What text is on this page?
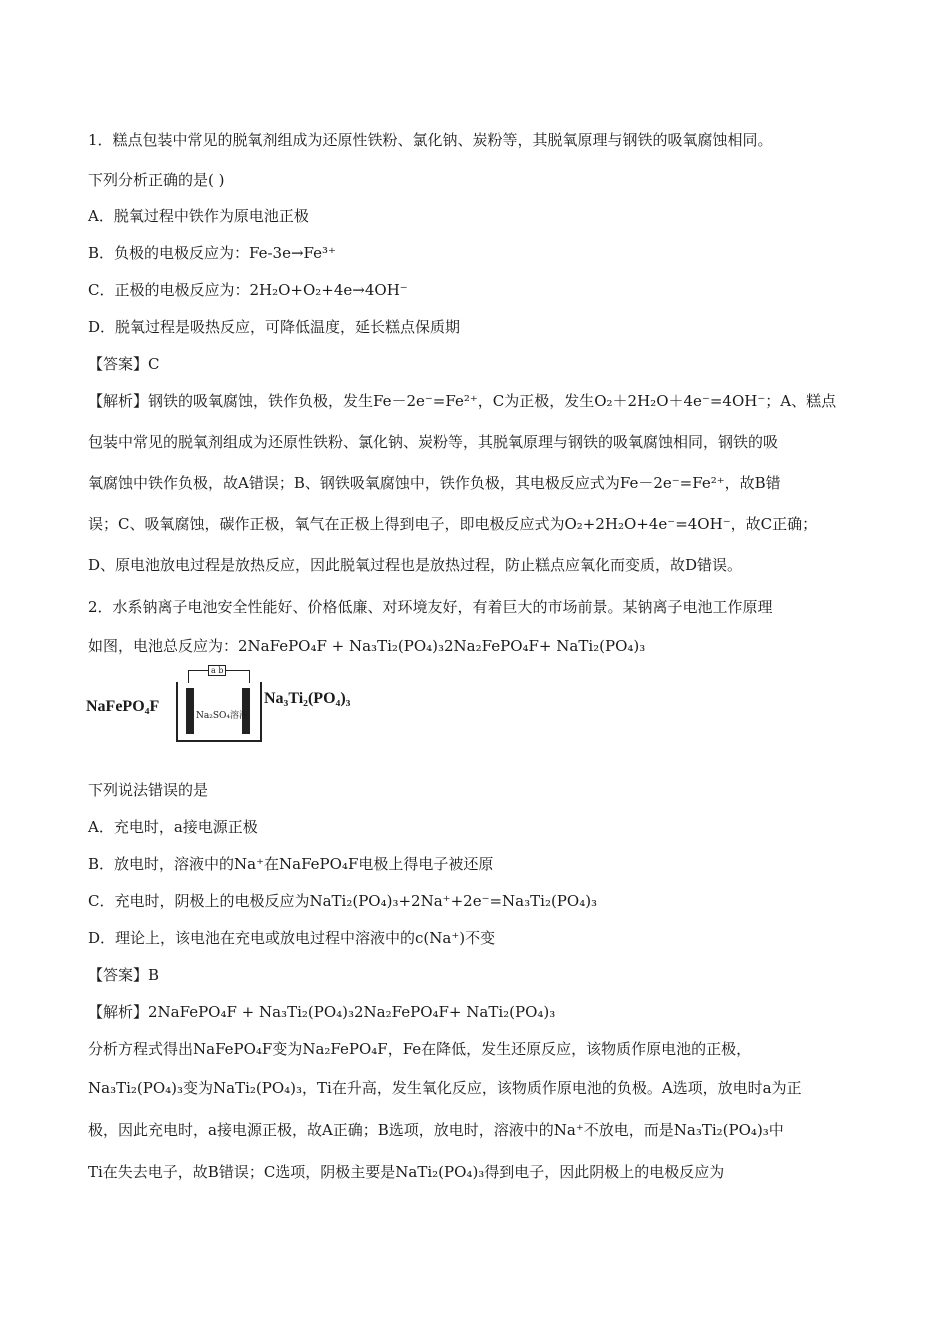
1．糕点包装中常见的脱氧剂组成为还原性铁粉、氯化钠、炭粉等，其脱氧原理与钢铁的吸氧腐蚀相同。
下列分析正确的是( )
A．脱氧过程中铁作为原电池正极
B．负极的电极反应为：Fe-3e→Fe³⁺
C．正极的电极反应为：2H₂O+O₂+4e→4OH⁻
D．脱氧过程是吸热反应，可降低温度，延长糕点保质期
【答案】C
【解析】钢铁的吸氧腐蚀，铁作负极，发生Fe－2e⁻=Fe²⁺，C为正极，发生O₂＋2H₂O＋4e⁻=4OH⁻；A、糕点
包装中常见的脱氧剂组成为还原性铁粉、氯化钠、炭粉等，其脱氧原理与钢铁的吸氧腐蚀相同，钢铁的吸
氧腐蚀中铁作负极，故A错误；B、钢铁吸氧腐蚀中，铁作负极，其电极反应式为Fe－2e⁻=Fe²⁺，故B错
误；C、吸氧腐蚀，碳作正极，氧气在正极上得到电子，即电极反应式为O₂+2H₂O+4e⁻=4OH⁻，故C正确；
D、原电池放电过程是放热反应，因此脱氧过程也是放热过程，防止糕点应氧化而变质，故D错误。
2．水系钠离子电池安全性能好、价格低廉、对环境友好，有着巨大的市场前景。某钠离子电池工作原理
如图，电池总反应为：2NaFePO₄F + Na₃Ti₂(PO₄)₃2Na₂FePO₄F+ NaTi₂(PO₄)₃
NaFePO₄F
a b
Na₂SO₄溶液
Na₃Ti₂(PO₄)₃
下列说法错误的是
A．充电时，a接电源正极
B．放电时，溶液中的Na⁺在NaFePO₄F电极上得电子被还原
C．充电时，阴极上的电极反应为NaTi₂(PO₄)₃+2Na⁺+2e⁻=Na₃Ti₂(PO₄)₃
D．理论上，该电池在充电或放电过程中溶液中的c(Na⁺)不变
【答案】B
【解析】2NaFePO₄F + Na₃Ti₂(PO₄)₃2Na₂FePO₄F+ NaTi₂(PO₄)₃
分析方程式得出NaFePO₄F变为Na₂FePO₄F，Fe在降低，发生还原反应，该物质作原电池的正极，
Na₃Ti₂(PO₄)₃变为NaTi₂(PO₄)₃，Ti在升高，发生氧化反应，该物质作原电池的负极。A选项，放电时a为正
极，因此充电时，a接电源正极，故A正确；B选项，放电时，溶液中的Na⁺不放电，而是Na₃Ti₂(PO₄)₃中
Ti在失去电子，故B错误；C选项，阴极主要是NaTi₂(PO₄)₃得到电子，因此阴极上的电极反应为
